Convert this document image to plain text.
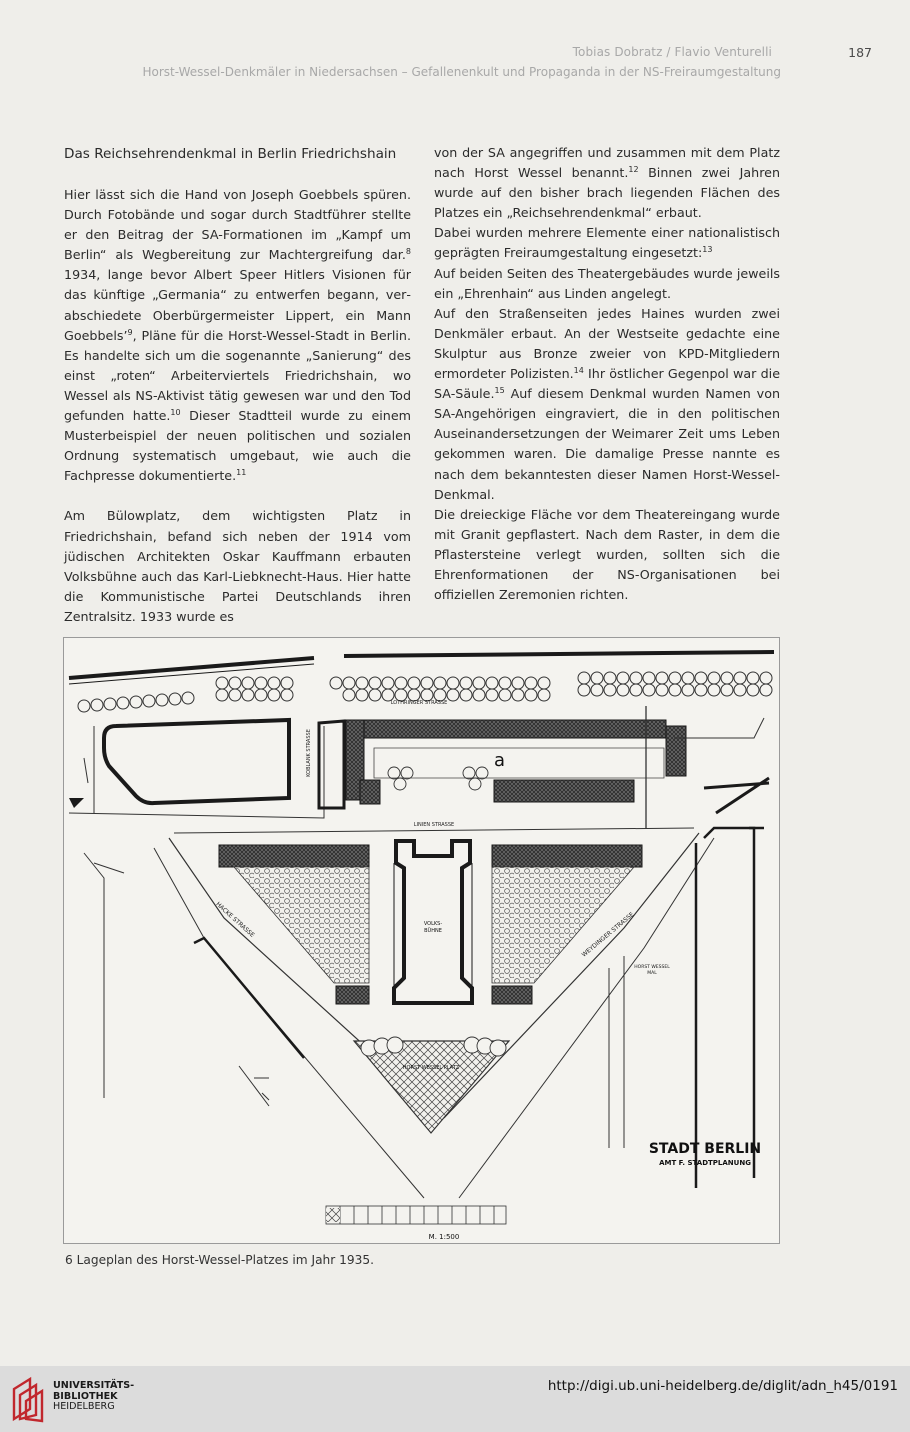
Tobias Dobratz / Flavio Venturelli	187
Horst-Wessel-Denkmäler in Niedersachsen – Gefallenenkult und Propaganda in der NS-Freiraumgestaltung
Das Reichsehrendenkmal in Berlin Friedrichshain

Hier lässt sich die Hand von Joseph Goebbels spüren. Durch Fotobände und sogar durch Stadtführer stellte er den Beitrag der SA-Formationen im „Kampf um Berlin“ als Wegbereitung zur Machtergreifung dar.$^8$ 1934, lange bevor Albert Speer Hitlers Visionen für das künftige „Germania“ zu entwerfen begann, verabschiedete Oberbürgermeister Lippert, ein Mann Goebbels’$^9$, Pläne für die Horst-Wessel-Stadt in Berlin. Es handelte sich um die sogenannte „Sanierung“ des einst „roten“ Arbeiterviertels Friedrichshain, wo Wessel als NS-Aktivist tätig gewesen war und den Tod gefunden hatte.$^{10}$ Dieser Stadtteil wurde zu einem Musterbeispiel der neuen politischen und sozialen Ordnung systematisch umgebaut, wie auch die Fachpresse dokumentierte.$^{11}$

Am Bülowplatz, dem wichtigsten Platz in Friedrichshain, befand sich neben der 1914 vom jüdischen Architekten Oskar Kauffmann erbauten Volksbühne auch das Karl-Liebknecht-Haus. Hier hatte die Kommunistische Partei Deutschlands ihren Zentralsitz. 1933 wurde es

von der SA angegriffen und zusammen mit dem Platz nach Horst Wessel benannt.$^{12}$ Binnen zwei Jahren wurde auf den bisher brach liegenden Flächen des Platzes ein „Reichsehrendenkmal“ erbaut.

Dabei wurden mehrere Elemente einer nationalistisch geprägten Freiraumgestaltung eingesetzt:$^{13}$

Auf beiden Seiten des Theatergebäudes wurde jeweils ein „Ehrenhain“ aus Linden angelegt.

Auf den Straßenseiten jedes Haines wurden zwei Denkmäler erbaut. An der Westseite gedachte eine Skulptur aus Bronze zweier von KPD-Mitgliedern ermordeter Polizisten.$^{14}$ Ihr östlicher Gegenpol war die SA-Säule.$^{15}$ Auf diesem Denkmal wurden Namen von SA-Angehörigen eingraviert, die in den politischen Auseinandersetzungen der Weimarer Zeit ums Leben gekommen waren. Die damalige Presse nannte es nach dem bekanntesten dieser Namen Horst-Wessel-Denkmal.

Die dreieckige Fläche vor dem Theatereingang wurde mit Granit gepflastert. Nach dem Raster, in dem die Pflastersteine verlegt wurden, sollten sich die Ehrenformationen der NS-Organisationen bei offiziellen Zeremonien richten.

LOTHRINGER STRASSE
KOBLANK STRASSE
LINIEN STRASSE
HACKE STRASSE	WEYDINGER STRASSE
a
VOLKS-
BÜHNE
HORST WESSEL PLATZ
HORST WESSEL
MAL
STADT BERLIN
AMT F. STADTPLANUNG
M. 1:500
6 Lageplan des Horst-Wessel-Platzes im Jahr 1935.
UNIVERSITÄTS-
BIBLIOTHEK
HEIDELBERG
http://digi.ub.uni-heidelberg.de/diglit/adn_h45/0191
